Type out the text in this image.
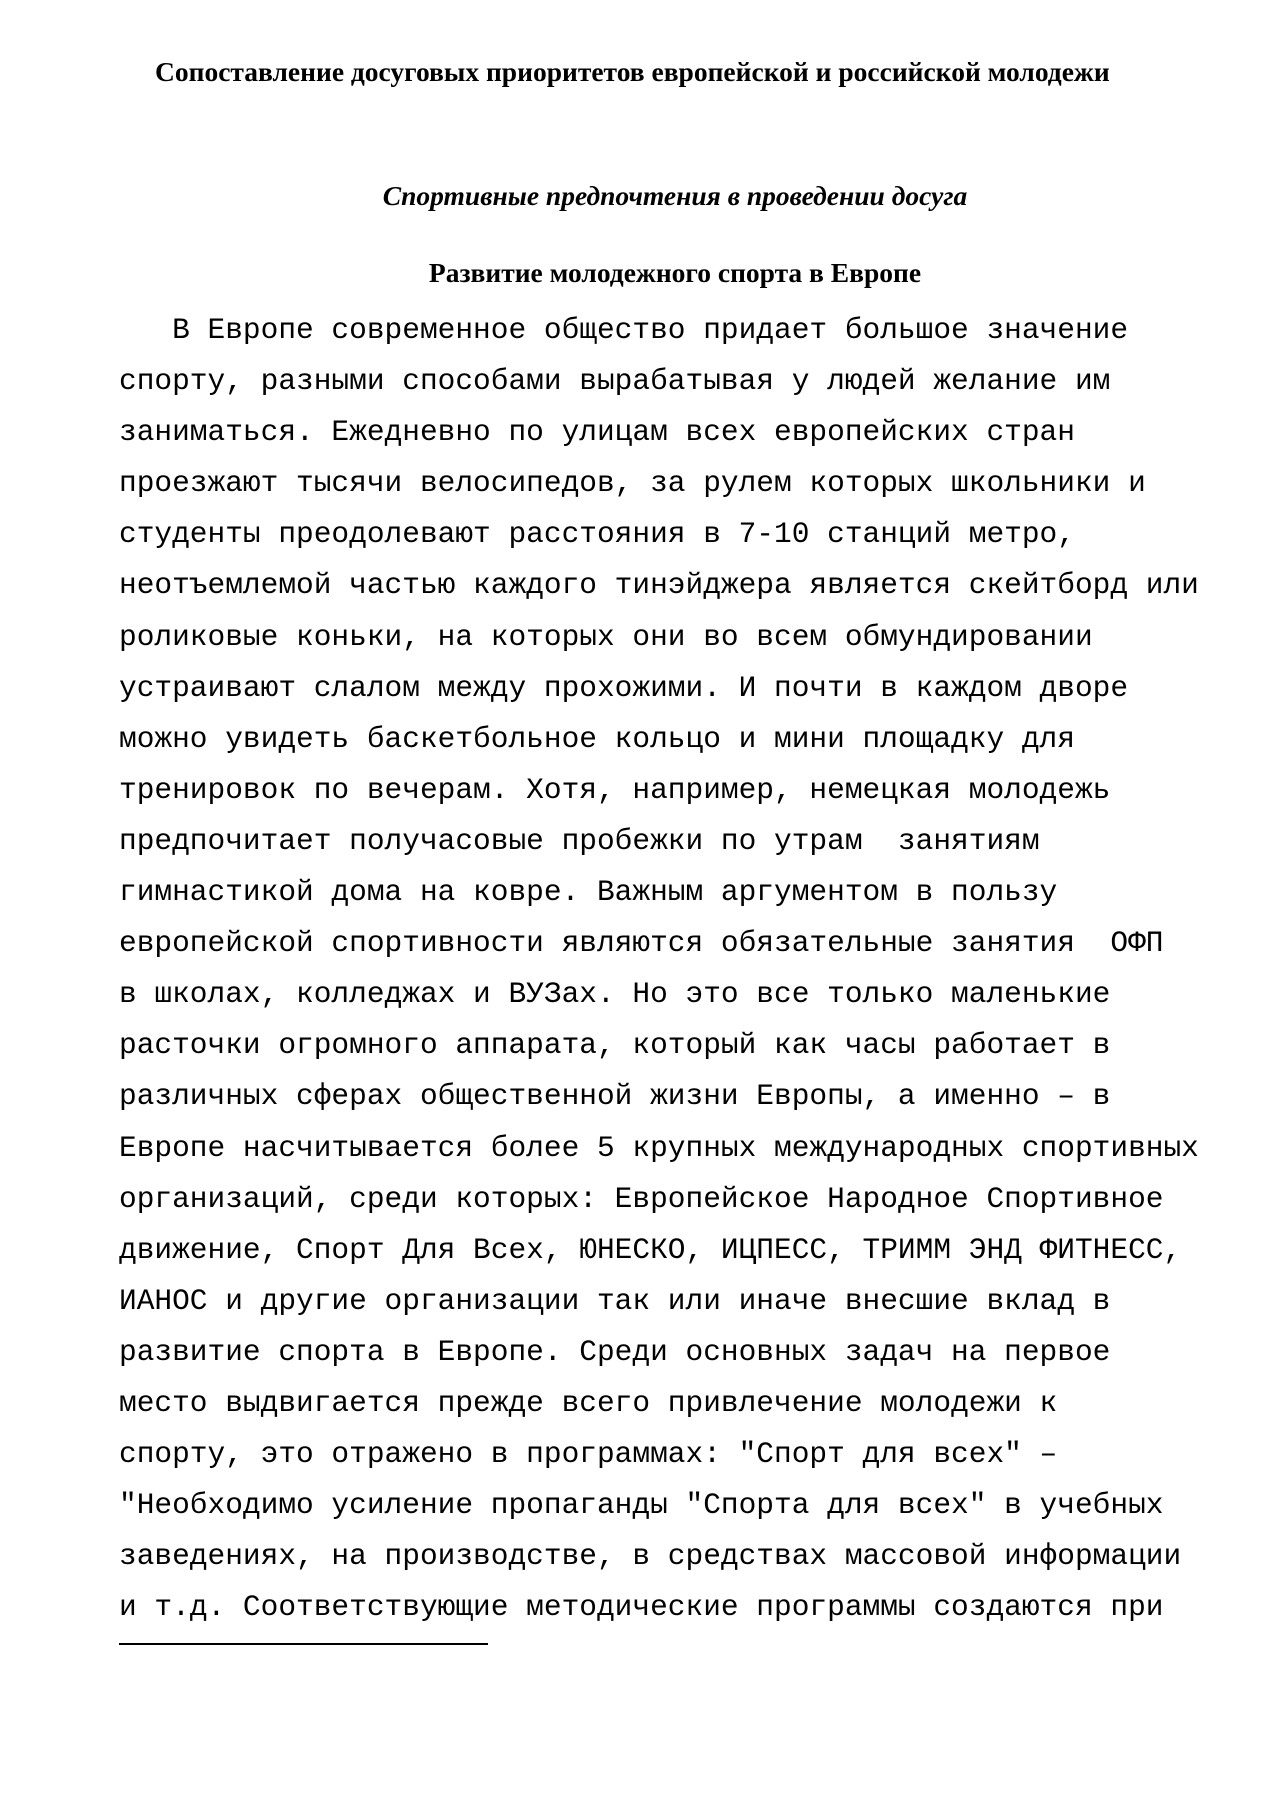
Сопоставление досуговых приоритетов европейской и российской молодежи
Спортивные предпочтения в проведении досуга
Развитие молодежного спорта в Европе
В Европе современное общество придает большое значение
спорту, разными способами вырабатывая у людей желание им
заниматься. Ежедневно по улицам всех европейских стран
проезжают тысячи велосипедов, за рулем которых школьники и
студенты преодолевают расстояния в 7-10 станций метро,
неотъемлемой частью каждого тинэйджера является скейтборд или
роликовые коньки, на которых они во всем обмундировании
устраивают слалом между прохожими. И почти в каждом дворе
можно увидеть баскетбольное кольцо и мини площадку для
тренировок по вечерам. Хотя, например, немецкая молодежь
предпочитает получасовые пробежки по утрам  занятиям
гимнастикой дома на ковре. Важным аргументом в пользу
европейской спортивности являются обязательные занятия  ОФП
в школах, колледжах и ВУЗах. Но это все только маленькие
расточки огромного аппарата, который как часы работает в
различных сферах общественной жизни Европы, а именно – в
Европе насчитывается более 5 крупных международных спортивных
организаций, среди которых: Европейское Народное Спортивное
движение, Спорт Для Всех, ЮНЕСКО, ИЦПЕСС, ТРИММ ЭНД ФИТНЕСС,
ИАНОС и другие организации так или иначе внесшие вклад в
развитие спорта в Европе. Среди основных задач на первое
место выдвигается прежде всего привлечение молодежи к
спорту, это отражено в программах: "Спорт для всех" –
"Необходимо усиление пропаганды "Спорта для всех" в учебных
заведениях, на производстве, в средствах массовой информации
и т.д. Соответствующие методические программы создаются при
